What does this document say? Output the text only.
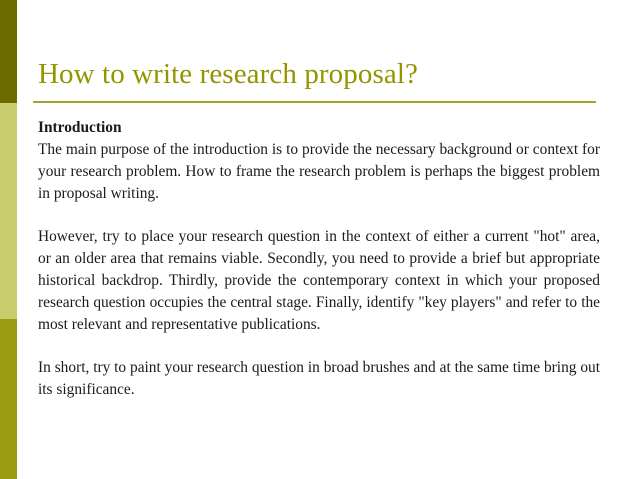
How to write research proposal?

Introduction

The main purpose of the introduction is to provide the necessary background or context for your research problem. How to frame the research problem is perhaps the biggest problem in proposal writing.

However, try to place your research question in the context of either a current "hot" area, or an older area that remains viable. Secondly, you need to provide a brief but appropriate historical backdrop. Thirdly, provide the contemporary context in which your proposed research question occupies the central stage. Finally, identify "key players" and refer to the most relevant and representative publications.

In short, try to paint your research question in broad brushes and at the same time bring out its significance.
